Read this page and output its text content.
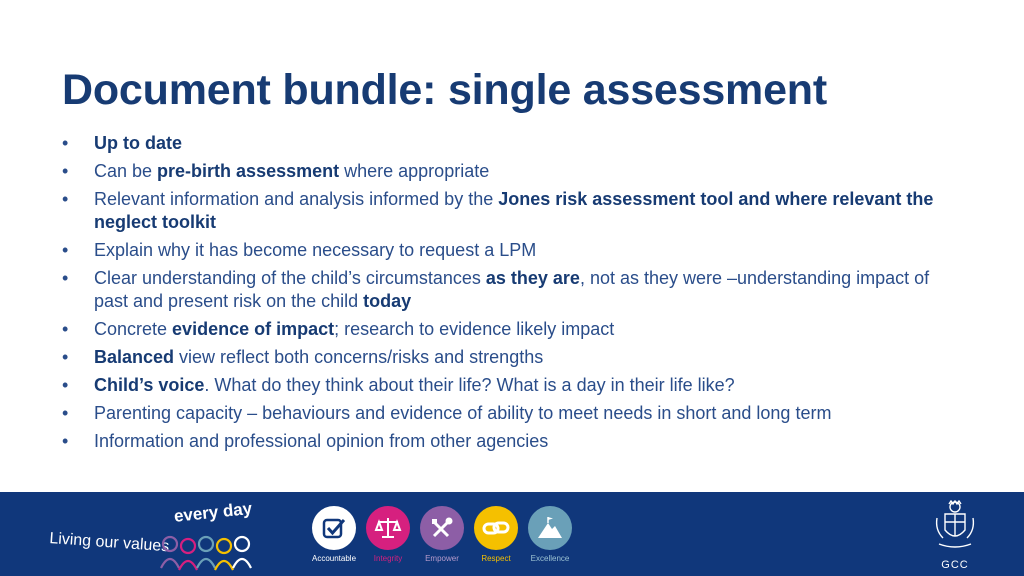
Document bundle: single assessment
• Up to date
• Can be pre-birth assessment where appropriate
• Relevant information and analysis informed by the Jones risk assessment tool and where relevant the neglect toolkit
• Explain why it has become necessary to request a LPM
• Clear understanding of the child’s circumstances as they are, not as they were –understanding impact of past and present risk on the child today
• Concrete evidence of impact; research to evidence likely impact
• Balanced view reflect both concerns/risks and strengths
• Child’s voice. What do they think about their life? What is a day in their life like?
• Parenting capacity – behaviours and evidence of ability to meet needs in short and long term
• Information and professional opinion from other agencies
Living our values
every day
Accountable	Integrity	Empower	Respect	Excellence
GCC
